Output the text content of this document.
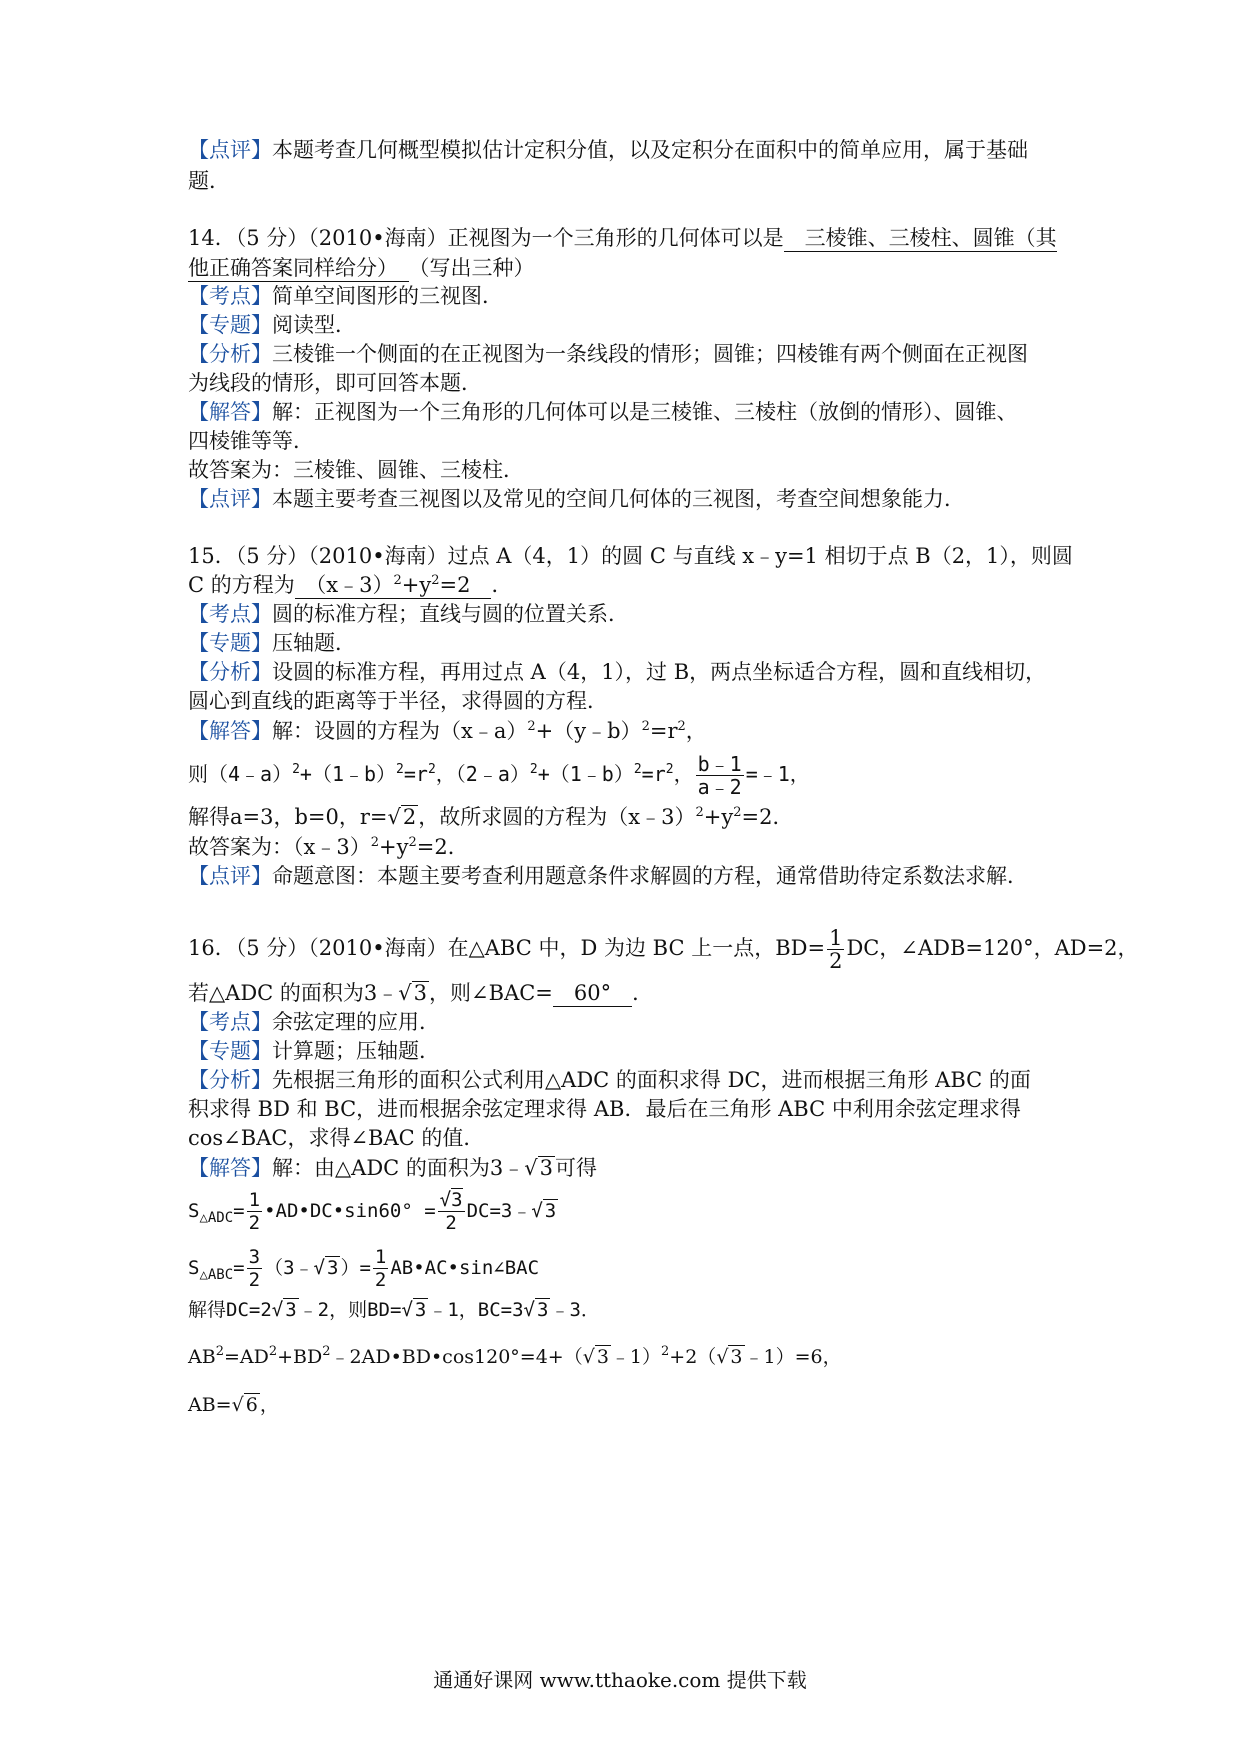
【点评】本题考查几何概型模拟估计定积分值，以及定积分在面积中的简单应用，属于基础
题．
14．（5 分）（2010•海南）正视图为一个三角形的几何体可以是　三棱锥、三棱柱、圆锥（其
他正确答案同样给分）　（写出三种）
【考点】简单空间图形的三视图．
【专题】阅读型．
【分析】三棱锥一个侧面的在正视图为一条线段的情形；圆锥；四棱锥有两个侧面在正视图
为线段的情形，即可回答本题．
【解答】解：正视图为一个三角形的几何体可以是三棱锥、三棱柱（放倒的情形）、圆锥、
四棱锥等等．
故答案为：三棱锥、圆锥、三棱柱．
【点评】本题主要考查三视图以及常见的空间几何体的三视图，考查空间想象能力．
15．（5 分）（2010•海南）过点 A（4，1）的圆 C 与直线 x﹣y=1 相切于点 B（2，1），则圆
C 的方程为　$(x﹣3)^2+y^2=2$　．
【考点】圆的标准方程；直线与圆的位置关系．
【专题】压轴题．
【分析】设圆的标准方程，再用过点 A（4，1），过 B，两点坐标适合方程，圆和直线相切，
圆心到直线的距离等于半径，求得圆的方程．
【解答】解：设圆的方程为$(x﹣a)^2+(y﹣b)^2=r^2$，
则$(4﹣a)^2+(1﹣b)^2=r^2$，$(2﹣a)^2+(1﹣b)^2=r^2$， $\frac{b﹣1}{a﹣2}$ =﹣1，
解得a=3，b=0，r=√2，故所求圆的方程为$(x﹣3)^2+y^2=2$．
故答案为：$(x﹣3)^2+y^2=2$．
【点评】命题意图：本题主要考查利用题意条件求解圆的方程，通常借助待定系数法求解．
16．（5 分）（2010•海南）在△ABC 中，D 为边 BC 上一点，$BD= \frac{1}{2}$ DC，∠ADB=120°，AD=2，
若△ADC 的面积为3﹣√3，则∠BAC=　60°　．
【考点】余弦定理的应用．
【专题】计算题；压轴题．
【分析】先根据三角形的面积公式利用△ADC 的面积求得 DC，进而根据三角形 ABC 的面
积求得 BD 和 BC，进而根据余弦定理求得 AB．最后在三角形 ABC 中利用余弦定理求得
cos∠BAC，求得∠BAC 的值．
【解答】解：由△ADC 的面积为3﹣√3可得
$S_{\triangle ADC}= \frac{1}{2}$ •AD•DC•sin60° = $\frac{√3}{2}$ DC=3﹣√ 3
$S_{\triangle ABC}= \frac{3}{2}$ （3﹣√ 3 ）= $\frac{1}{2}$ AB•AC•sin∠BAC
解得DC=2√ 3 ﹣2，则BD=√ 3 ﹣1，BC=3√ 3 ﹣3．
$AB^2=AD^2+BD^2﹣2AD•BD•\cos 120^\circ=4+(√$ 3 ﹣1）$^2$+2（√ 3 ﹣1）=6，
AB=√ 6 ，
通通好课网 www.tthaoke.com 提供下载
